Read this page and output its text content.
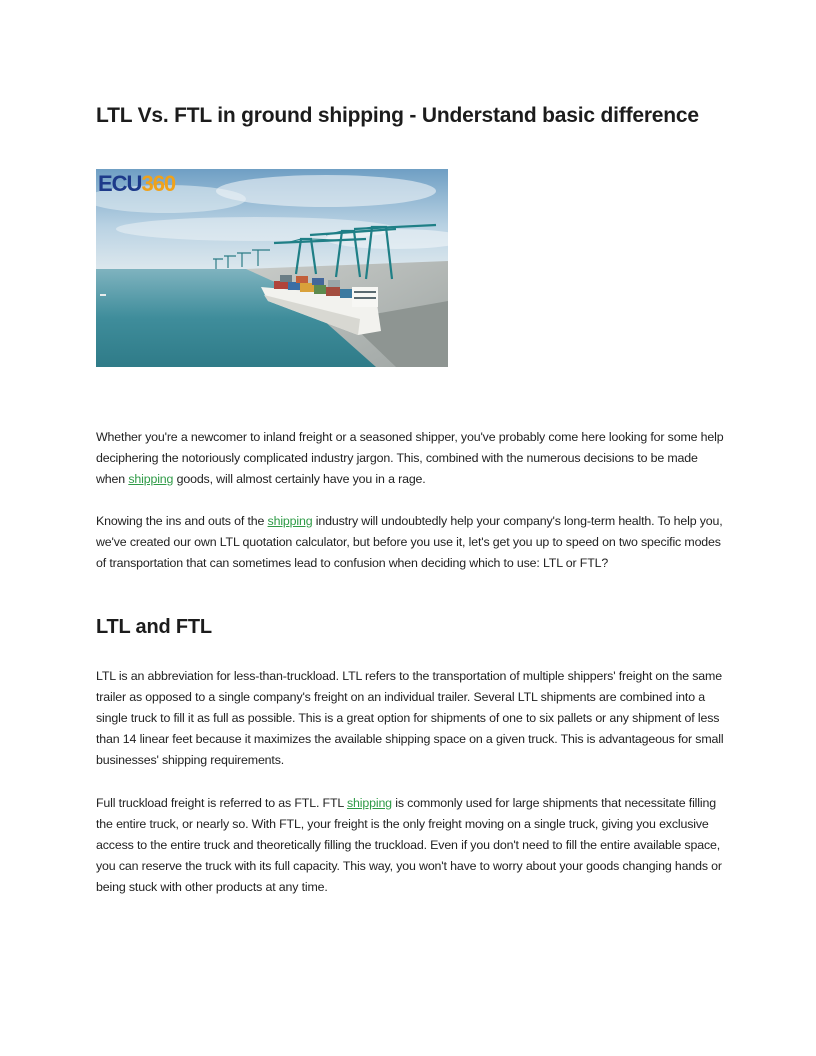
LTL Vs. FTL in ground shipping - Understand basic difference
ECU360

Whether you're a newcomer to inland freight or a seasoned shipper, you've probably come here looking for some help deciphering the notoriously complicated industry jargon. This, combined with the numerous decisions to be made when shipping goods, will almost certainly have you in a rage.

Knowing the ins and outs of the shipping industry will undoubtedly help your company's long-term health. To help you, we've created our own LTL quotation calculator, but before you use it, let's get you up to speed on two specific modes of transportation that can sometimes lead to confusion when deciding which to use: LTL or FTL?

LTL and FTL

LTL is an abbreviation for less-than-truckload. LTL refers to the transportation of multiple shippers' freight on the same trailer as opposed to a single company's freight on an individual trailer. Several LTL shipments are combined into a single truck to fill it as full as possible. This is a great option for shipments of one to six pallets or any shipment of less than 14 linear feet because it maximizes the available shipping space on a given truck. This is advantageous for small businesses' shipping requirements.

Full truckload freight is referred to as FTL. FTL shipping is commonly used for large shipments that necessitate filling the entire truck, or nearly so. With FTL, your freight is the only freight moving on a single truck, giving you exclusive access to the entire truck and theoretically filling the truckload. Even if you don't need to fill the entire available space, you can reserve the truck with its full capacity. This way, you won't have to worry about your goods changing hands or being stuck with other products at any time.
